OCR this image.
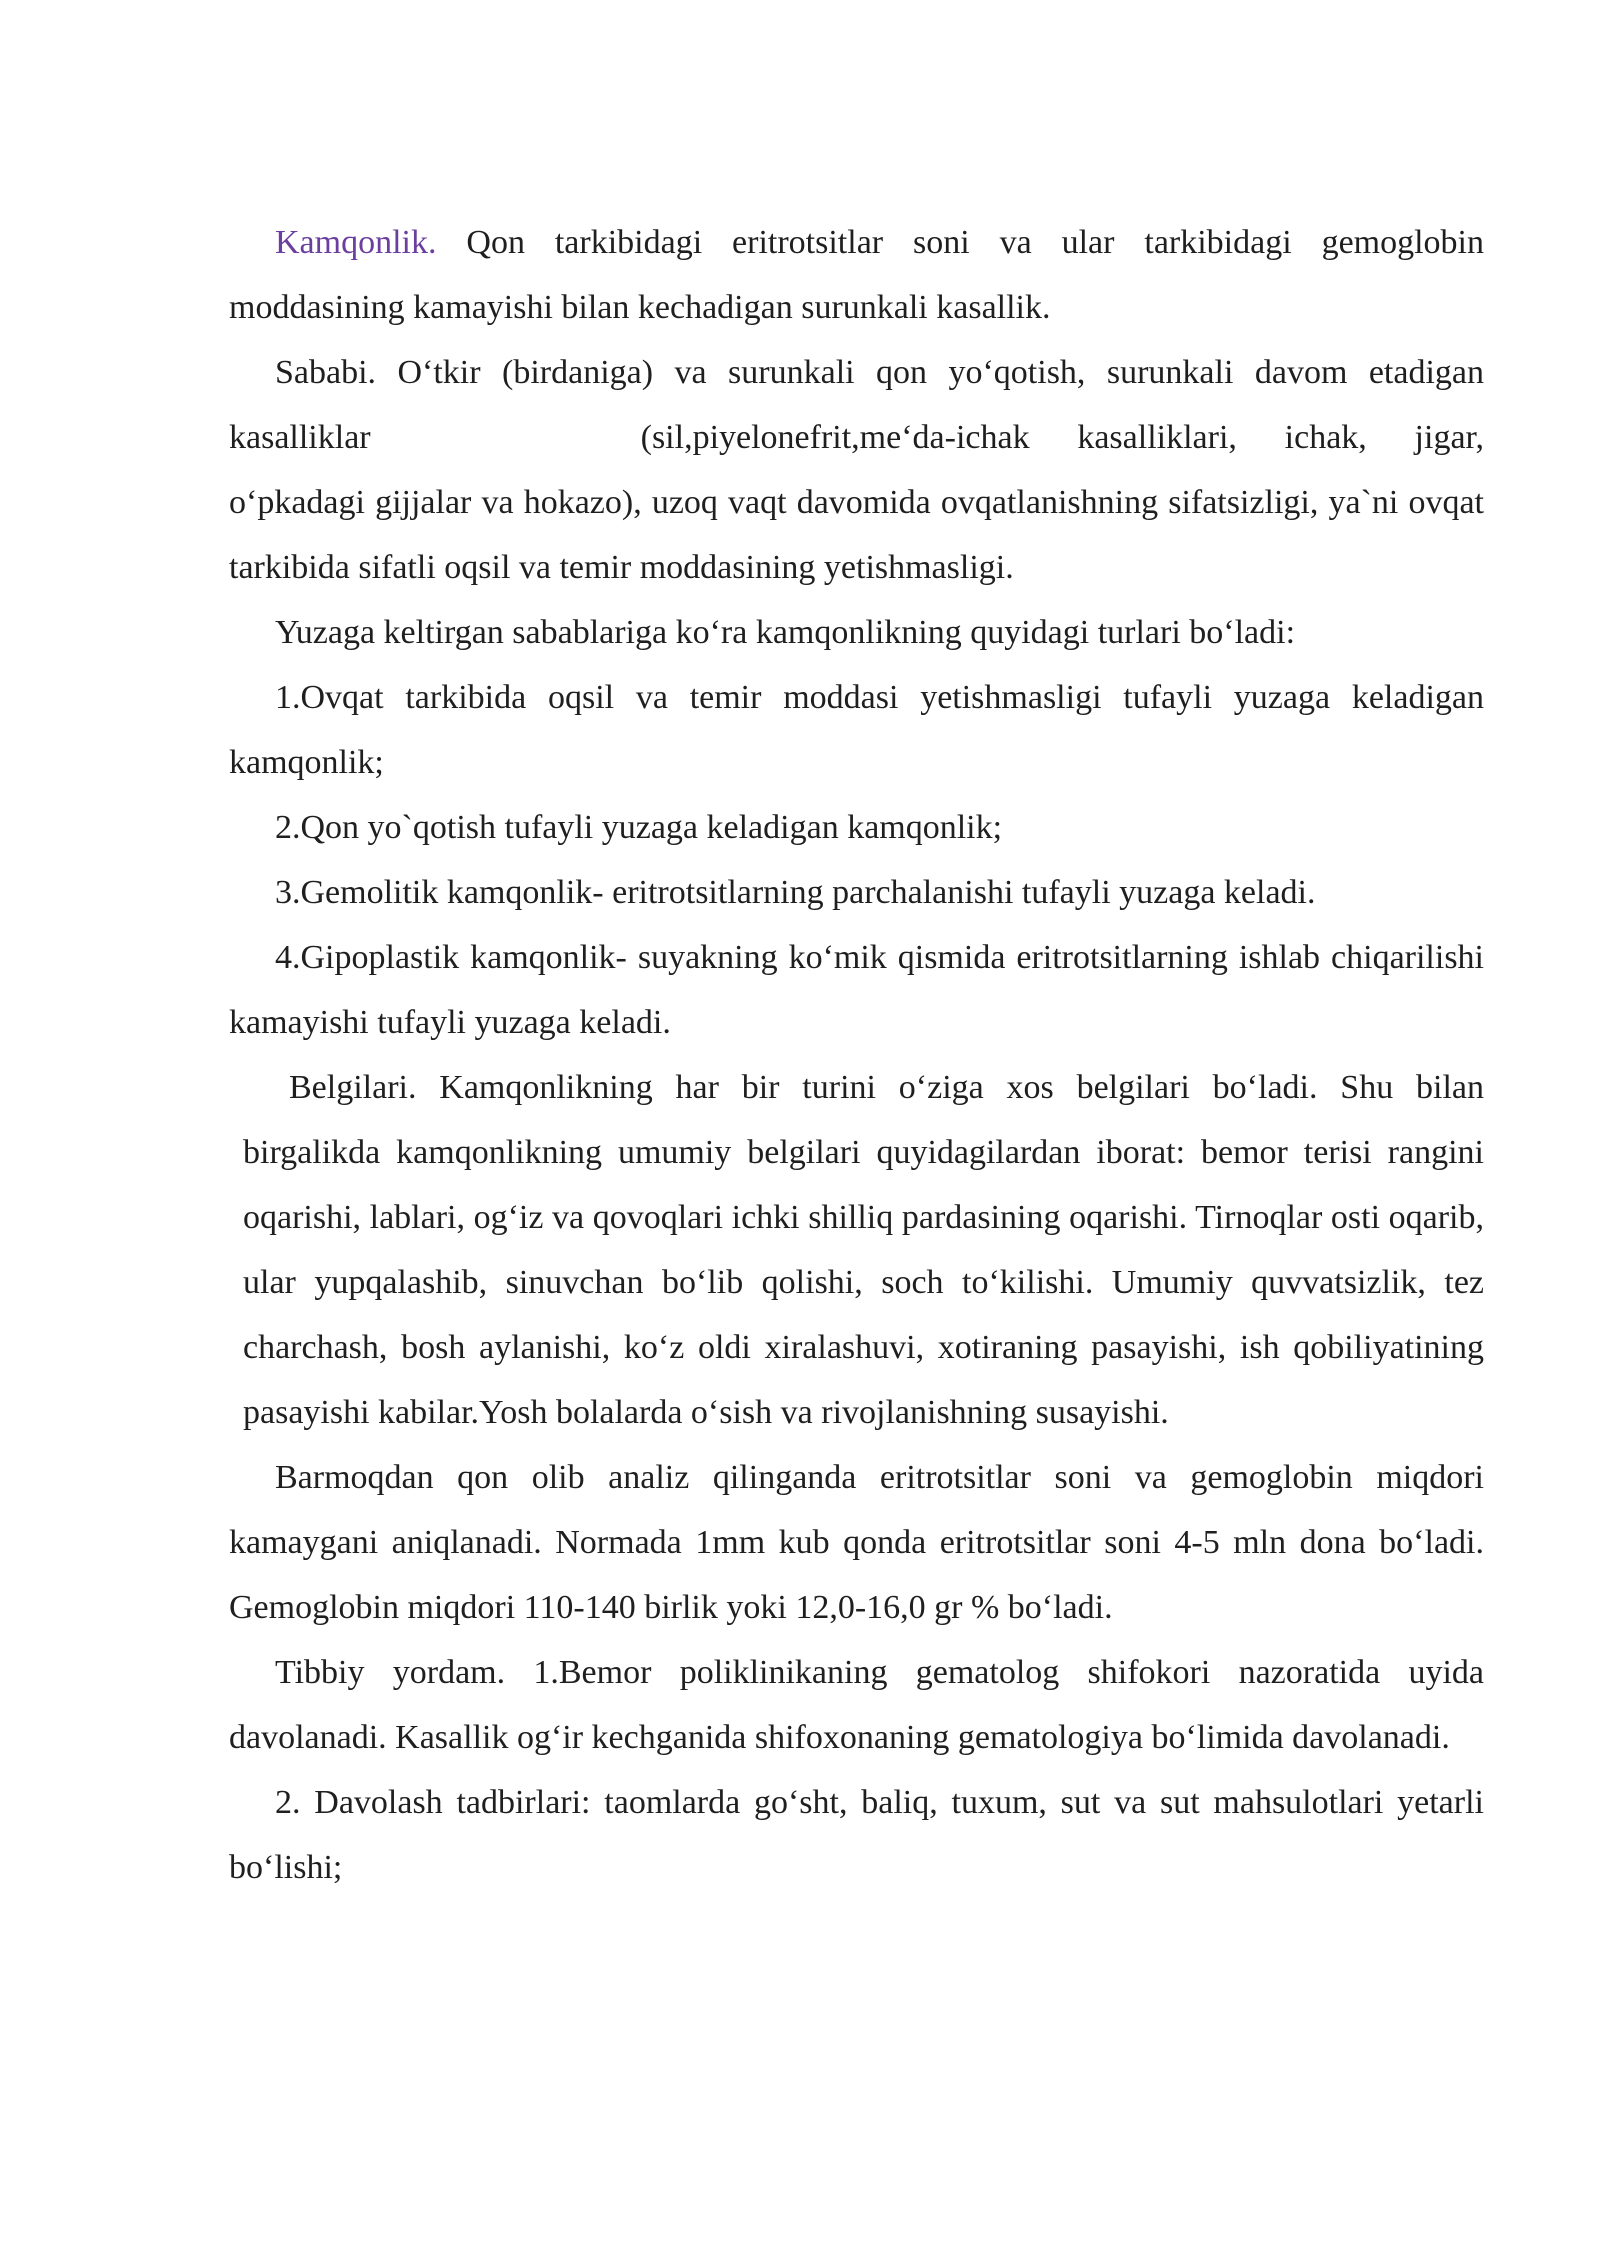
Kamqonlik. Qon tarkibidagi eritrotsitlar soni va ular tarkibidagi gemoglobin moddasining kamayishi bilan kechadigan surunkali kasallik.

Sababi. O‘tkir (birdaniga) va surunkali qon yo‘qotish, surunkali davom etadigan kasalliklar	(sil,piyelonefrit,me‘da-ichak kasalliklari, ichak, jigar, o‘pkadagi gijjalar va hokazo), uzoq vaqt davomida ovqatlanishning sifatsizligi, ya`ni ovqat tarkibida sifatli oqsil va temir moddasining yetishmasligi.

Yuzaga keltirgan sabablariga ko‘ra kamqonlikning quyidagi turlari bo‘ladi:

1.Ovqat tarkibida oqsil va temir moddasi yetishmasligi tufayli yuzaga keladigan kamqonlik;

2.Qon yo`qotish tufayli yuzaga keladigan kamqonlik;

3.Gemolitik kamqonlik- eritrotsitlarning parchalanishi tufayli yuzaga keladi.

4.Gipoplastik kamqonlik- suyakning ko‘mik qismida eritrotsitlarning ishlab chiqarilishi kamayishi tufayli yuzaga keladi.

Belgilari. Kamqonlikning har bir turini o‘ziga xos belgilari bo‘ladi. Shu bilan birgalikda kamqonlikning umumiy belgilari quyidagilardan iborat: bemor terisi rangini oqarishi, lablari, og‘iz va qovoqlari ichki shilliq pardasining oqarishi. Tirnoqlar osti oqarib, ular yupqalashib, sinuvchan bo‘lib qolishi, soch to‘kilishi. Umumiy quvvatsizlik, tez charchash, bosh aylanishi, ko‘z oldi xiralashuvi, xotiraning pasayishi, ish qobiliyatining pasayishi kabilar.Yosh bolalarda o‘sish va rivojlanishning susayishi.

Barmoqdan qon olib analiz qilinganda eritrotsitlar soni va gemoglobin miqdori kamaygani aniqlanadi. Normada 1mm kub qonda eritrotsitlar soni 4-5 mln dona bo‘ladi. Gemoglobin miqdori 110-140 birlik yoki 12,0-16,0 gr % bo‘ladi.

Tibbiy yordam. 1.Bemor poliklinikaning gematolog shifokori nazoratida uyida davolanadi. Kasallik og‘ir kechganida shifoxonaning gematologiya bo‘limida davolanadi.

2. Davolash tadbirlari: taomlarda go‘sht, baliq, tuxum, sut va sut mahsulotlari yetarli bo‘lishi;
